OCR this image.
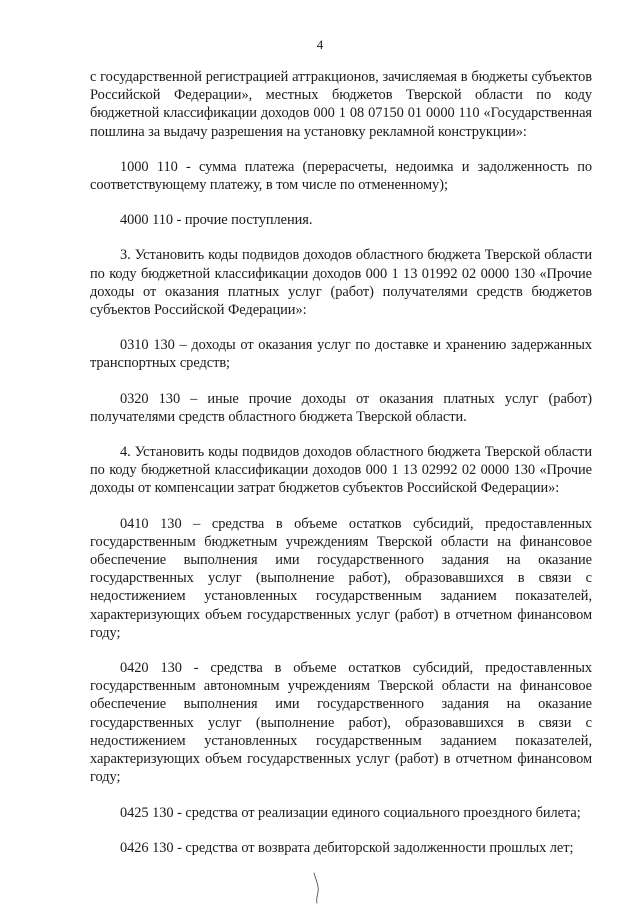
4

с государственной регистрацией аттракционов, зачисляемая в бюджеты субъектов Российской Федерации», местных бюджетов Тверской области по коду бюджетной классификации доходов 000 1 08 07150 01 0000 110 «Государственная пошлина за выдачу разрешения на установку рекламной конструкции»:

1000 110 - сумма платежа (перерасчеты, недоимка и задолженность по соответствующему платежу, в том числе по отмененному);

4000 110 - прочие поступления.

3. Установить коды подвидов доходов областного бюджета Тверской области по коду бюджетной классификации доходов 000 1 13 01992 02 0000 130 «Прочие доходы от оказания платных услуг (работ) получателями средств бюджетов субъектов Российской Федерации»:

0310 130 – доходы от оказания услуг по доставке и хранению задержанных транспортных средств;

0320 130 – иные прочие доходы от оказания платных услуг (работ) получателями средств областного бюджета Тверской области.

4. Установить коды подвидов доходов областного бюджета Тверской области по коду бюджетной классификации доходов 000 1 13 02992 02 0000 130 «Прочие доходы от компенсации затрат бюджетов субъектов Российской Федерации»:

0410 130 – средства в объеме остатков субсидий, предоставленных государственным бюджетным учреждениям Тверской области на финансовое обеспечение выполнения ими государственного задания на оказание государственных услуг (выполнение работ), образовавшихся в связи с недостижением установленных государственным заданием показателей, характеризующих объем государственных услуг (работ) в отчетном финансовом году;

0420 130 - средства в объеме остатков субсидий, предоставленных государственным автономным учреждениям Тверской области на финансовое обеспечение выполнения ими государственного задания на оказание государственных услуг (выполнение работ), образовавшихся в связи с недостижением установленных государственным заданием показателей, характеризующих объем государственных услуг (работ) в отчетном финансовом году;

0425 130 - средства от реализации единого социального проездного билета;

0426 130 - средства от возврата дебиторской задолженности прошлых лет;
